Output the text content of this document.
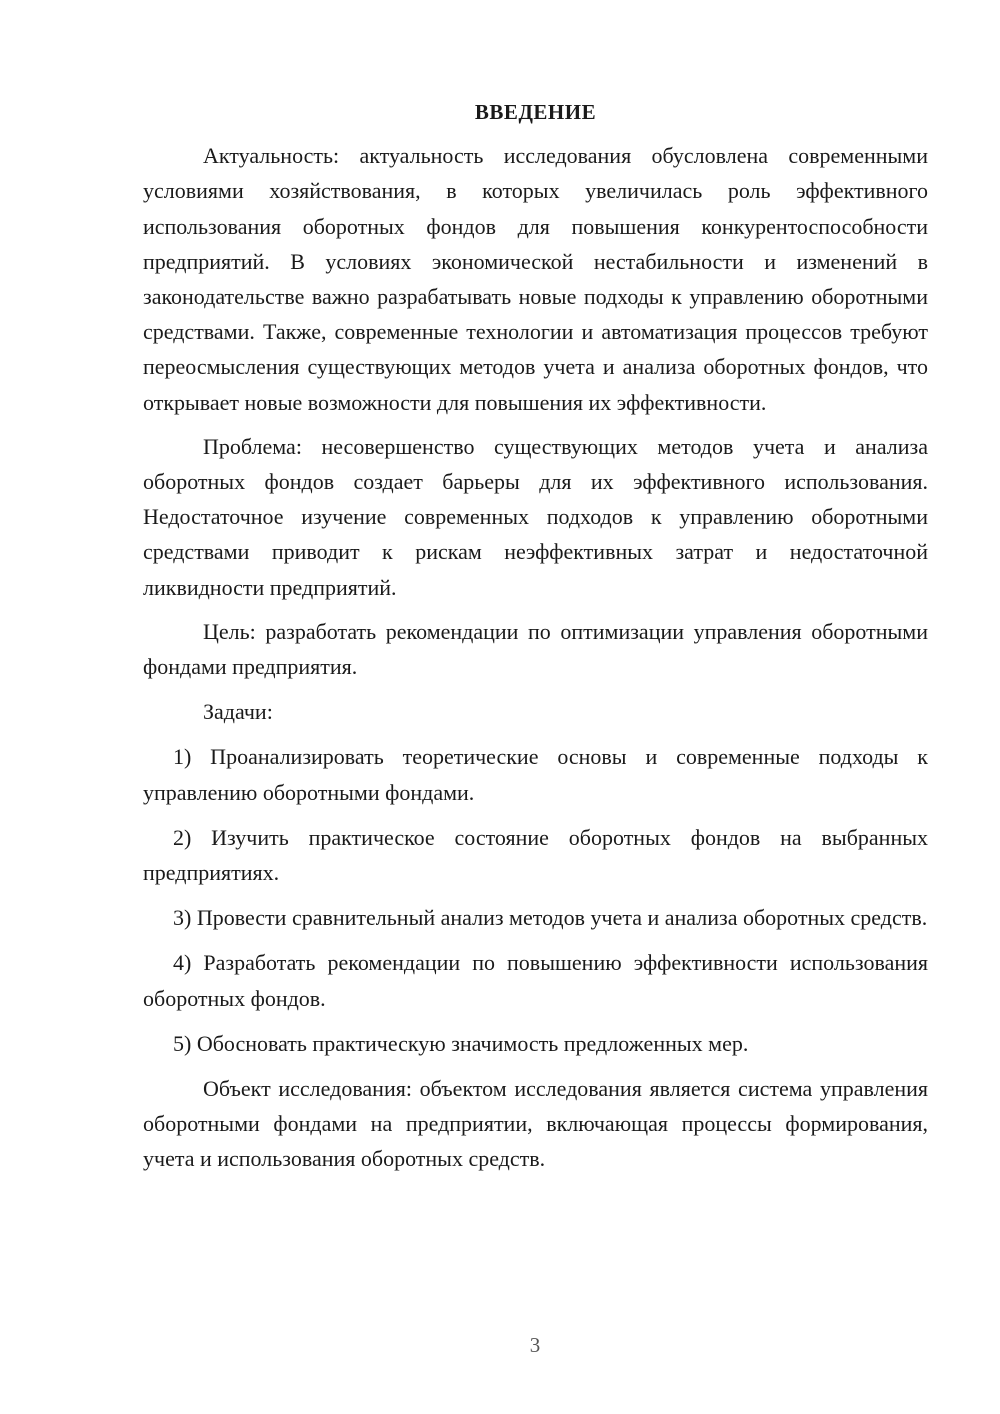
ВВЕДЕНИЕ

Актуальность: актуальность исследования обусловлена современными условиями хозяйствования, в которых увеличилась роль эффективного использования оборотных фондов для повышения конкурентоспособности предприятий. В условиях экономической нестабильности и изменений в законодательстве важно разрабатывать новые подходы к управлению оборотными средствами. Также, современные технологии и автоматизация процессов требуют переосмысления существующих методов учета и анализа оборотных фондов, что открывает новые возможности для повышения их эффективности.

Проблема: несовершенство существующих методов учета и анализа оборотных фондов создает барьеры для их эффективного использования. Недостаточное изучение современных подходов к управлению оборотными средствами приводит к рискам неэффективных затрат и недостаточной ликвидности предприятий.

Цель: разработать рекомендации по оптимизации управления оборотными фондами предприятия.

Задачи:

1) Проанализировать теоретические основы и современные подходы к управлению оборотными фондами.

2) Изучить практическое состояние оборотных фондов на выбранных предприятиях.

3) Провести сравнительный анализ методов учета и анализа оборотных средств.

4) Разработать рекомендации по повышению эффективности использования оборотных фондов.

5) Обосновать практическую значимость предложенных мер.

Объект исследования: объектом исследования является система управления оборотными фондами на предприятии, включающая процессы формирования, учета и использования оборотных средств.

3
